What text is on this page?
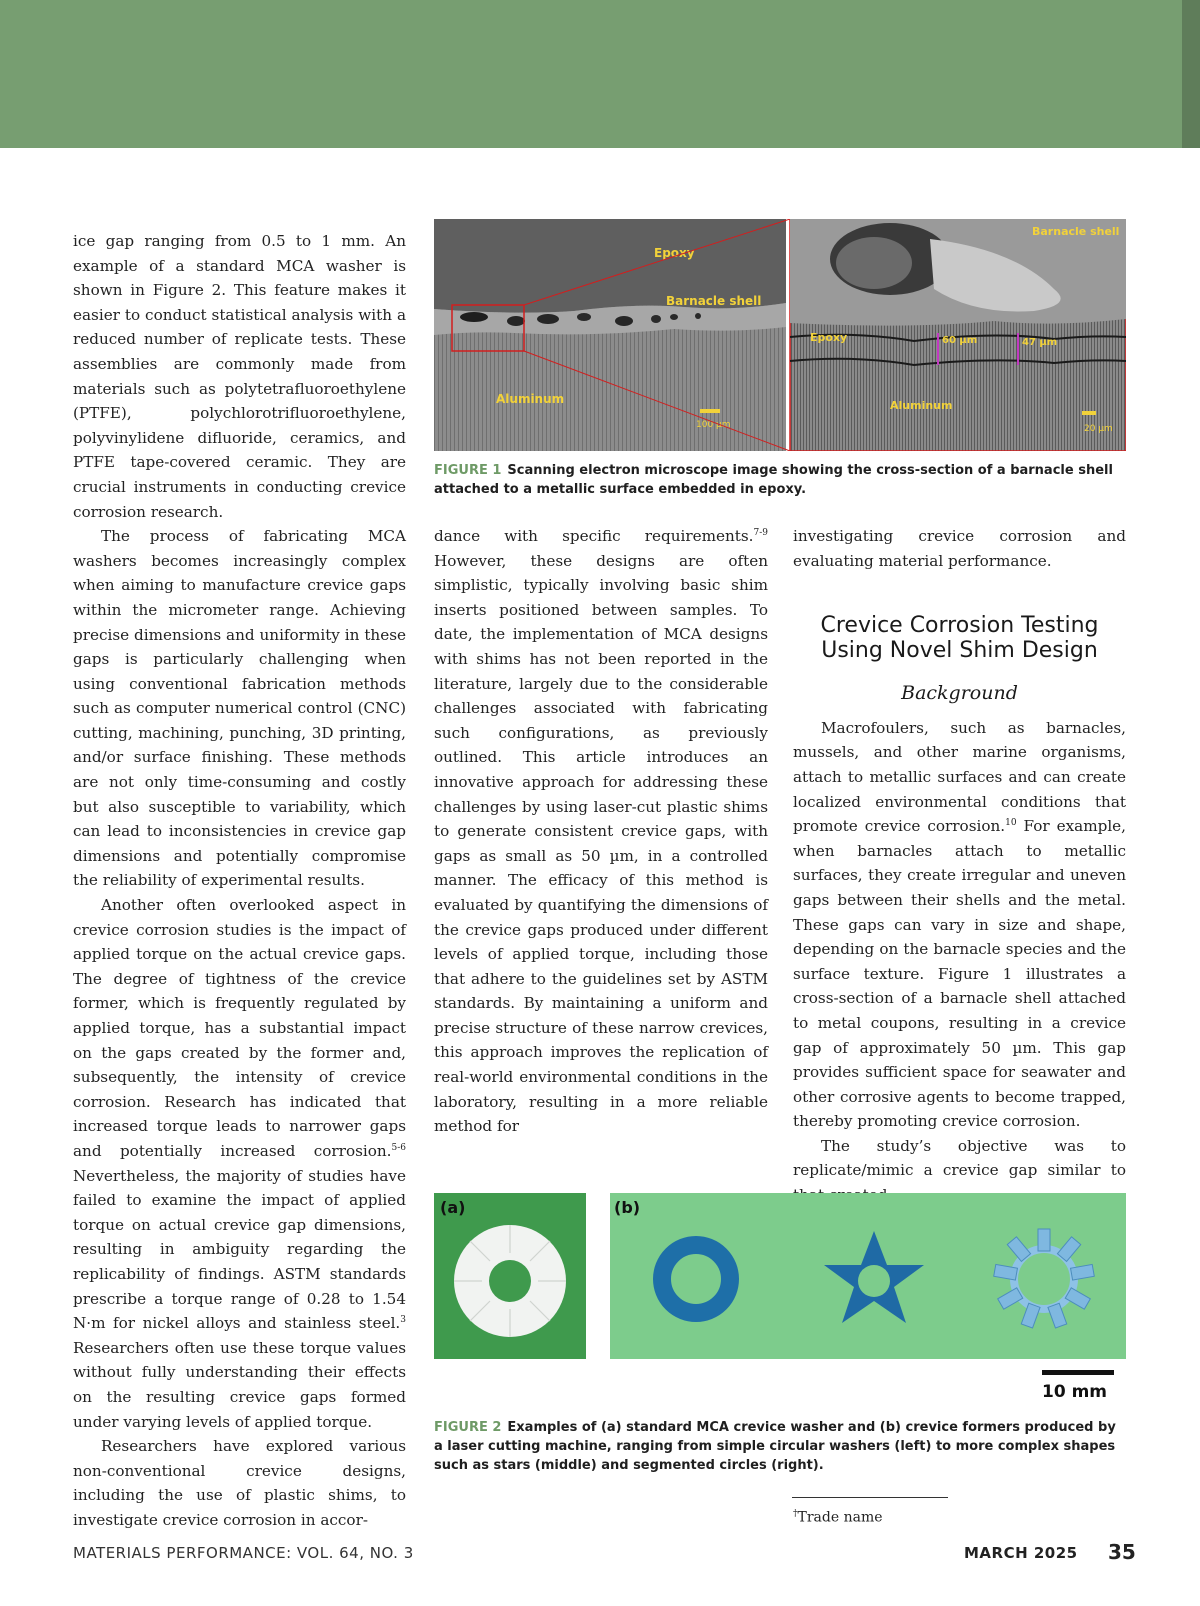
ice gap ranging from 0.5 to 1 mm. An example of a standard MCA washer is shown in Figure 2. This feature makes it easier to conduct statistical analysis with a reduced number of replicate tests. These assemblies are commonly made from materials such as polytetrafluoroethylene (PTFE), polychlorotrifluoroethylene, polyvinylidene difluoride, ceramics, and PTFE tape-covered ceramic. They are crucial instruments in conducting crevice corrosion research.

The process of fabricating MCA washers becomes increasingly complex when aiming to manufacture crevice gaps within the micrometer range. Achieving precise dimensions and uniformity in these gaps is particularly challenging when using conventional fabrication methods such as computer numerical control (CNC) cutting, machining, punching, 3D printing, and/or surface finishing. These methods are not only time-consuming and costly but also susceptible to variability, which can lead to inconsistencies in crevice gap dimensions and potentially compromise the reliability of experimental results.

Another often overlooked aspect in crevice corrosion studies is the impact of applied torque on the actual crevice gaps. The degree of tightness of the crevice former, which is frequently regulated by applied torque, has a substantial impact on the gaps created by the former and, subsequently, the intensity of crevice corrosion. Research has indicated that increased torque leads to narrower gaps and potentially increased corrosion.$^{5-6}$ Nevertheless, the majority of studies have failed to examine the impact of applied torque on actual crevice gap dimensions, resulting in ambiguity regarding the replicability of findings. ASTM standards prescribe a torque range of 0.28 to 1.54 N·m for nickel alloys and stainless steel.$^3$ Researchers often use these torque values without fully understanding their effects on the resulting crevice gaps formed under varying levels of applied torque.

Researchers have explored various non-conventional crevice designs, including the use of plastic shims, to investigate crevice corrosion in accor-

Epoxy
Barnacle shell
Aluminum
100 µm
Barnacle shell
Epoxy	60 µm	47 µm
Aluminum
20 µm
FIGURE 1 Scanning electron microscope image showing the cross-section of a barnacle shell attached to a metallic surface embedded in epoxy.

dance with specific requirements.$^{7-9}$ However, these designs are often simplistic, typically involving basic shim inserts positioned between samples. To date, the implementation of MCA designs with shims has not been reported in the literature, largely due to the considerable challenges associated with fabricating such configurations, as previously outlined. This article introduces an innovative approach for addressing these challenges by using laser-cut plastic shims to generate consistent crevice gaps, with gaps as small as 50 µm, in a controlled manner. The efficacy of this method is evaluated by quantifying the dimensions of the crevice gaps produced under different levels of applied torque, including those that adhere to the guidelines set by ASTM standards. By maintaining a uniform and precise structure of these narrow crevices, this approach improves the replication of real-world environmental conditions in the laboratory, resulting in a more reliable method for

investigating crevice corrosion and evaluating material performance.

Crevice Corrosion Testing Using Novel Shim Design
Background

Macrofoulers, such as barnacles, mussels, and other marine organisms, attach to metallic surfaces and can create localized environmental conditions that promote crevice corrosion.$^{10}$ For example, when barnacles attach to metallic surfaces, they create irregular and uneven gaps between their shells and the metal. These gaps can vary in size and shape, depending on the barnacle species and the surface texture. Figure 1 illustrates a cross-section of a barnacle shell attached to metal coupons, resulting in a crevice gap of approximately 50 µm. This gap provides sufficient space for seawater and other corrosive agents to become trapped, thereby promoting crevice corrosion.

The study’s objective was to replicate/mimic a crevice gap similar to

(a)	(b)
10 mm
FIGURE 2 Examples of (a) standard MCA crevice washer and (b) crevice formers produced by a laser cutting machine, ranging from simple circular washers (left) to more complex shapes such as stars (middle) and segmented circles (right).
†Trade name
MATERIALS PERFORMANCE: VOL. 64, NO. 3	MARCH 2025 35
